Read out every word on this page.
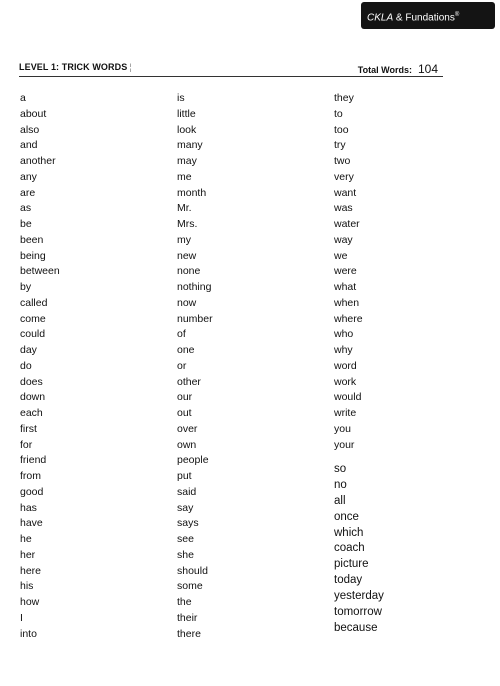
CKLA & Fundations®
LEVEL 1: TRICK WORDS ¦	Total Words: 104
a
about
also
and
another
any
are
as
be
been
being
between
by
called
come
could
day
do
does
down
each
first
for
friend
from
good
has
have
he
her
here
his
how
I
into
is
little
look
many
may
me
month
Mr.
Mrs.
my
new
none
nothing
now
number
of
one
or
other
our
out
over
own
people
put
said
say
says
see
she
should
some
the
their
there
they
to
too
try
two
very
want
was
water
way
we
were
what
when
where
who
why
word
work
would
write
you
your
so
no
all
once
which
coach
picture
today
yesterday
tomorrow
because
